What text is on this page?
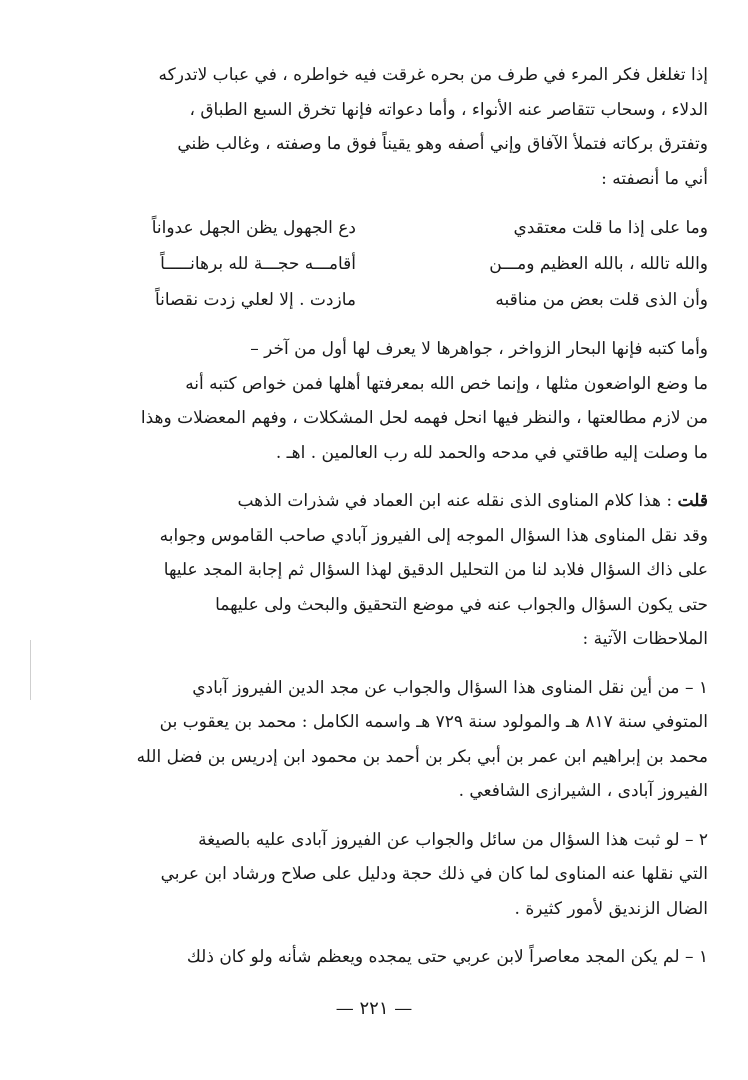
إذا تغلغل فكر المرء في طرف من بحره غرقت فيه خواطره ، في عباب لاتدركه
الدلاء ، وسحاب تتقاصر عنه الأنواء ، وأما دعواته فإنها تخرق السبع الطباق ،
وتفترق بركاته فتملأ الآفاق وإني أصفه وهو يقيناً فوق ما وصفته ، وغالب ظني
أني ما أنصفته :
وما على إذا ما قلت معتقدي
دع الجهول يظن الجهل عدواناً
والله تالله ، بالله العظيم ومـــن
أقامـــه حجـــة لله برهانـــــاً
وأن الذى قلت بعض من مناقبه
مازدت . إلا لعلي زدت نقصاناً
وأما كتبه فإنها البحار الزواخر ، جواهرها لا يعرف لها أول من آخر –
ما وضع الواضعون مثلها ، وإنما خص الله بمعرفتها أهلها فمن خواص كتبه أنه
من لازم مطالعتها ، والنظر فيها انحل فهمه لحل المشكلات ، وفهم المعضلات وهذا
ما وصلت إليه طاقتي في مدحه والحمد لله رب العالمين . اهـ .
قلت : هذا كلام المناوى الذى نقله عنه ابن العماد في شذرات الذهب
وقد نقل المناوى هذا السؤال الموجه إلى الفيروز آبادي صاحب القاموس وجوابه
على ذاك السؤال فلابد لنا من التحليل الدقيق لهذا السؤال ثم إجابة المجد عليها
حتى يكون السؤال والجواب عنه في موضع التحقيق والبحث ولى عليهما
الملاحظات الآتية :
١ – من أين نقل المناوى هذا السؤال والجواب عن مجد الدين الفيروز آبادي
المتوفي سنة ٨١٧ هـ والمولود سنة ٧٢٩ هـ واسمه الكامل : محمد بن يعقوب بن
محمد بن إبراهيم ابن عمر بن أبي بكر بن أحمد بن محمود ابن إدريس بن فضل الله
الفيروز آبادى ، الشيرازى الشافعي .
٢ – لو ثبت هذا السؤال من سائل والجواب عن الفيروز آبادى عليه بالصيغة
التي نقلها عنه المناوى لما كان في ذلك حجة ودليل على صلاح ورشاد ابن عربي
الضال الزنديق لأمور كثيرة .
١ – لم يكن المجد معاصراً لابن عربي حتى يمجده ويعظم شأنه ولو كان ذلك
— ٢٢١ —
